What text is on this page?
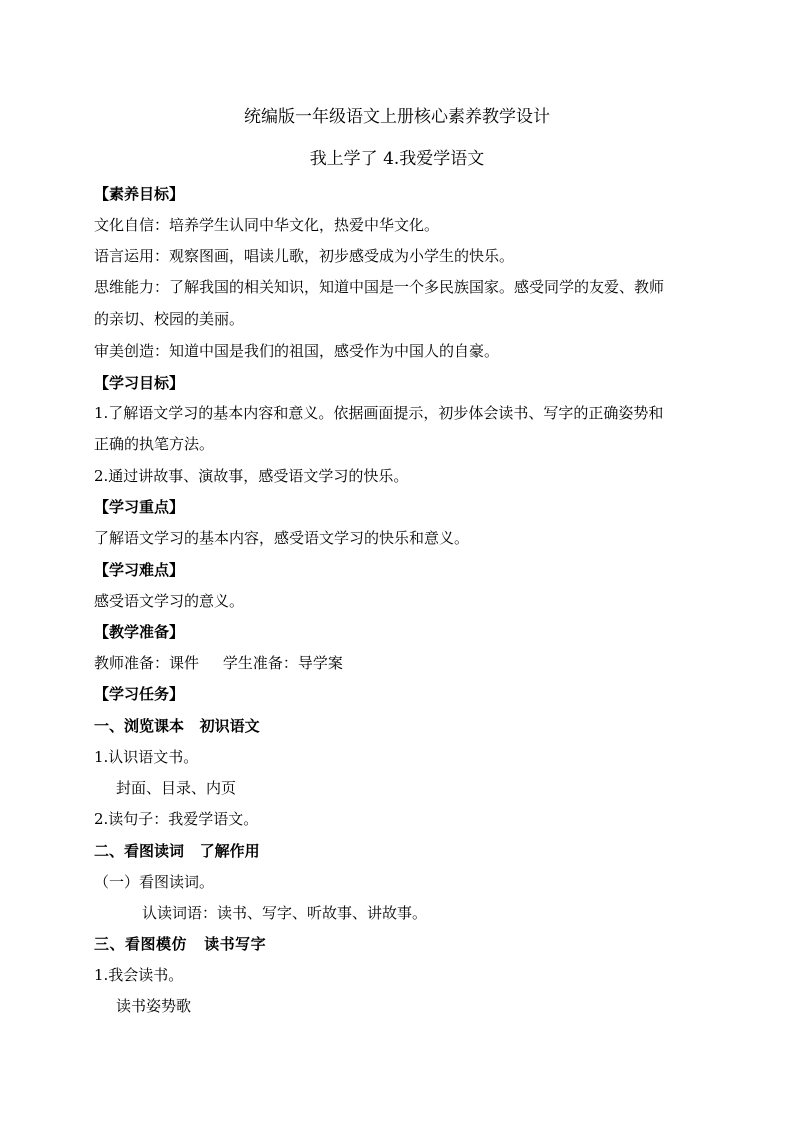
统编版一年级语文上册核心素养教学设计
我上学了 4.我爱学语文
【素养目标】
文化自信：培养学生认同中华文化，热爱中华文化。
语言运用：观察图画，唱读儿歌，初步感受成为小学生的快乐。
思维能力：了解我国的相关知识，知道中国是一个多民族国家。感受同学的友爱、教师
的亲切、校园的美丽。
审美创造：知道中国是我们的祖国，感受作为中国人的自豪。
【学习目标】
1.了解语文学习的基本内容和意义。依据画面提示，初步体会读书、写字的正确姿势和
正确的执笔方法。
2.通过讲故事、演故事，感受语文学习的快乐。
【学习重点】
了解语文学习的基本内容，感受语文学习的快乐和意义。
【学习难点】
感受语文学习的意义。
【教学准备】
教师准备：课件     学生准备：导学案
【学习任务】
一、浏览课本   初识语文
1.认识语文书。
封面、目录、内页
2.读句子：我爱学语文。
二、看图读词   了解作用
（一）看图读词。
认读词语：读书、写字、听故事、讲故事。
三、看图模仿   读书写字
1.我会读书。
读书姿势歌
